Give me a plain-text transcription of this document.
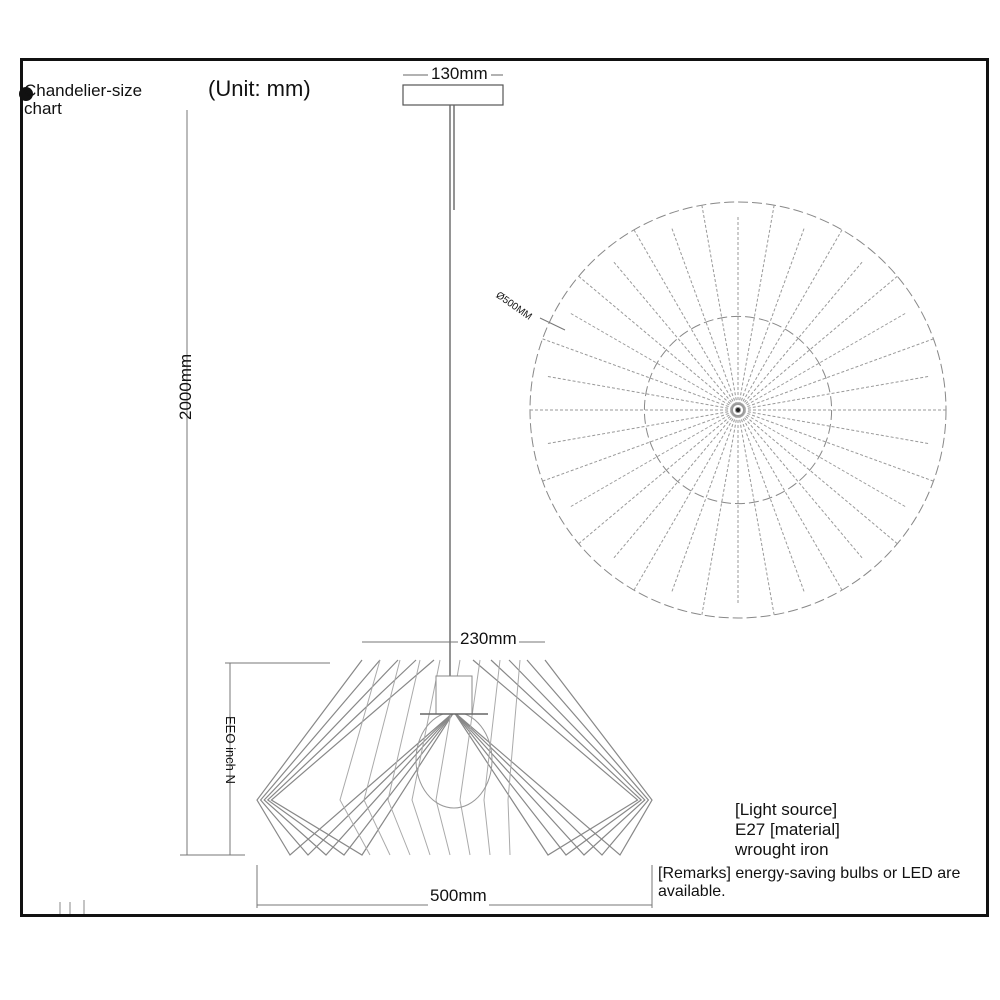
Chandelier-size chart
(Unit: mm)
130mm
2000mm
EEO inch N
230mm
500mm
Ø500MM
[Light source]
E27 [material]
wrought iron
[Remarks] energy-saving bulbs or LED are available.
